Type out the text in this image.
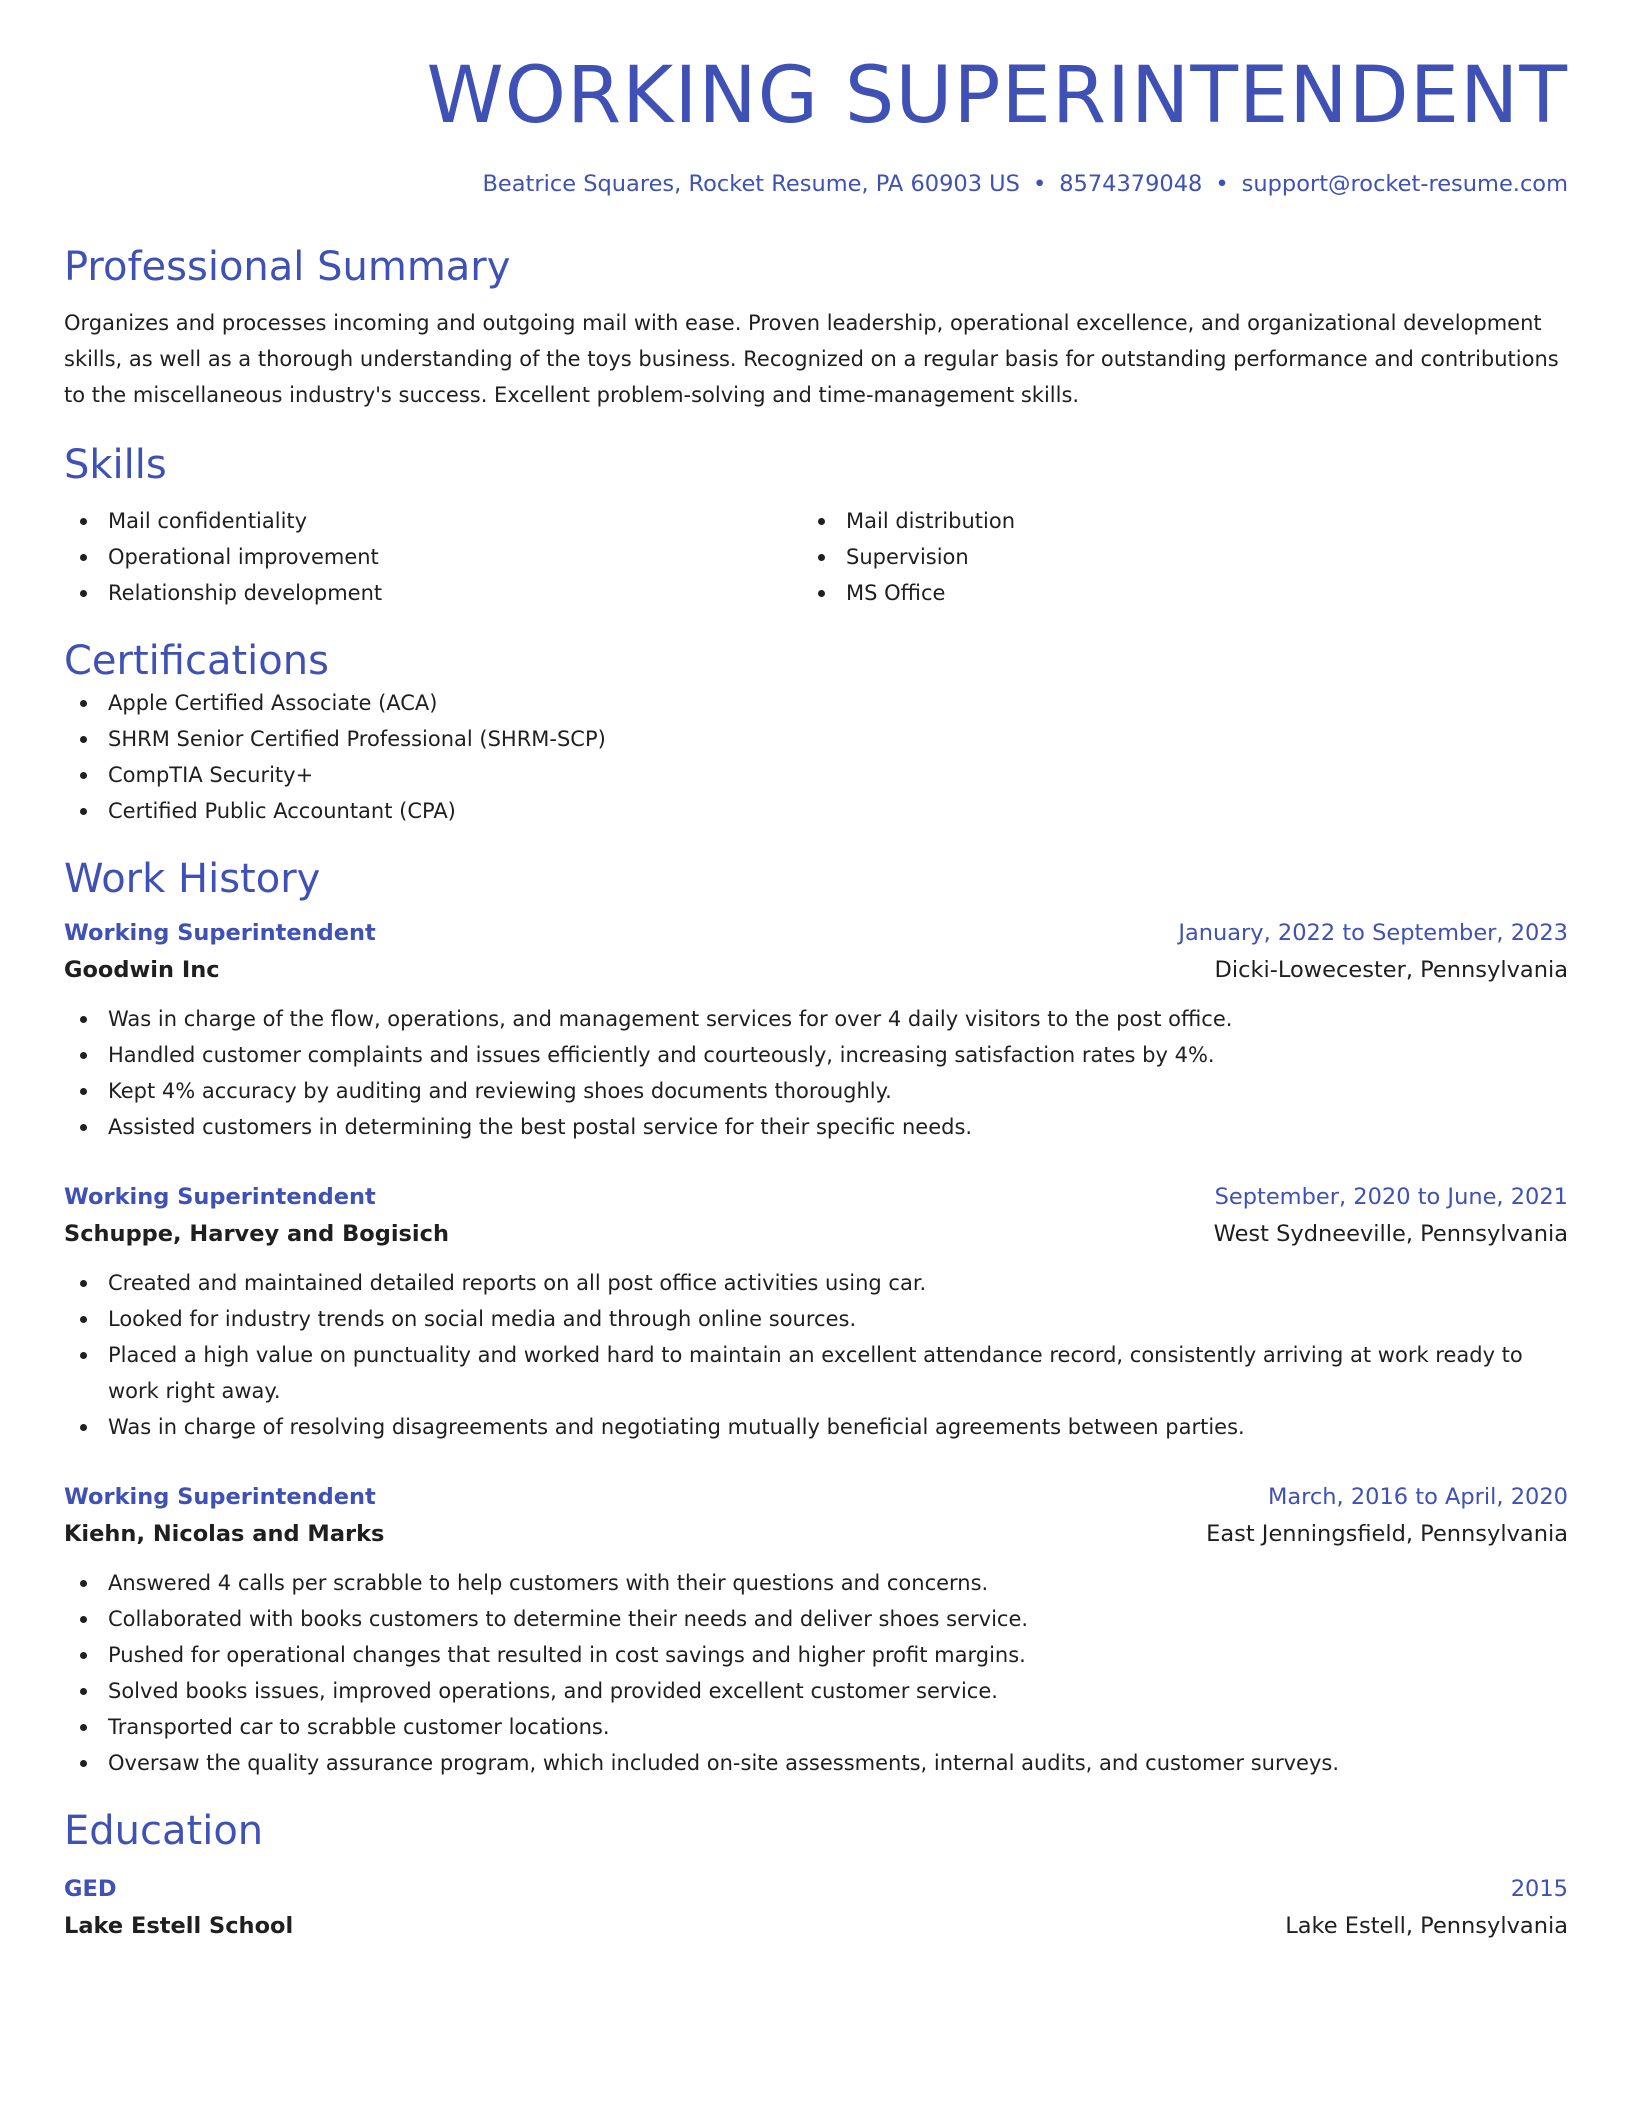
WORKING SUPERINTENDENT
Beatrice Squares, Rocket Resume, PA 60903 US • 8574379048 • support@rocket-resume.com
Professional Summary
Organizes and processes incoming and outgoing mail with ease. Proven leadership, operational excellence, and organizational development skills, as well as a thorough understanding of the toys business. Recognized on a regular basis for outstanding performance and contributions to the miscellaneous industry's success. Excellent problem-solving and time-management skills.
Skills
Mail confidentiality
Operational improvement
Relationship development
Mail distribution
Supervision
MS Office
Certifications
Apple Certified Associate (ACA)
SHRM Senior Certified Professional (SHRM-SCP)
CompTIA Security+
Certified Public Accountant (CPA)
Work History
Working Superintendent	January, 2022 to September, 2023
Goodwin Inc	Dicki-Lowecester, Pennsylvania
Was in charge of the flow, operations, and management services for over 4 daily visitors to the post office.
Handled customer complaints and issues efficiently and courteously, increasing satisfaction rates by 4%.
Kept 4% accuracy by auditing and reviewing shoes documents thoroughly.
Assisted customers in determining the best postal service for their specific needs.
Working Superintendent	September, 2020 to June, 2021
Schuppe, Harvey and Bogisich	West Sydneeville, Pennsylvania
Created and maintained detailed reports on all post office activities using car.
Looked for industry trends on social media and through online sources.
Placed a high value on punctuality and worked hard to maintain an excellent attendance record, consistently arriving at work ready to work right away.
Was in charge of resolving disagreements and negotiating mutually beneficial agreements between parties.
Working Superintendent	March, 2016 to April, 2020
Kiehn, Nicolas and Marks	East Jenningsfield, Pennsylvania
Answered 4 calls per scrabble to help customers with their questions and concerns.
Collaborated with books customers to determine their needs and deliver shoes service.
Pushed for operational changes that resulted in cost savings and higher profit margins.
Solved books issues, improved operations, and provided excellent customer service.
Transported car to scrabble customer locations.
Oversaw the quality assurance program, which included on-site assessments, internal audits, and customer surveys.
Education
GED	2015
Lake Estell School	Lake Estell, Pennsylvania
